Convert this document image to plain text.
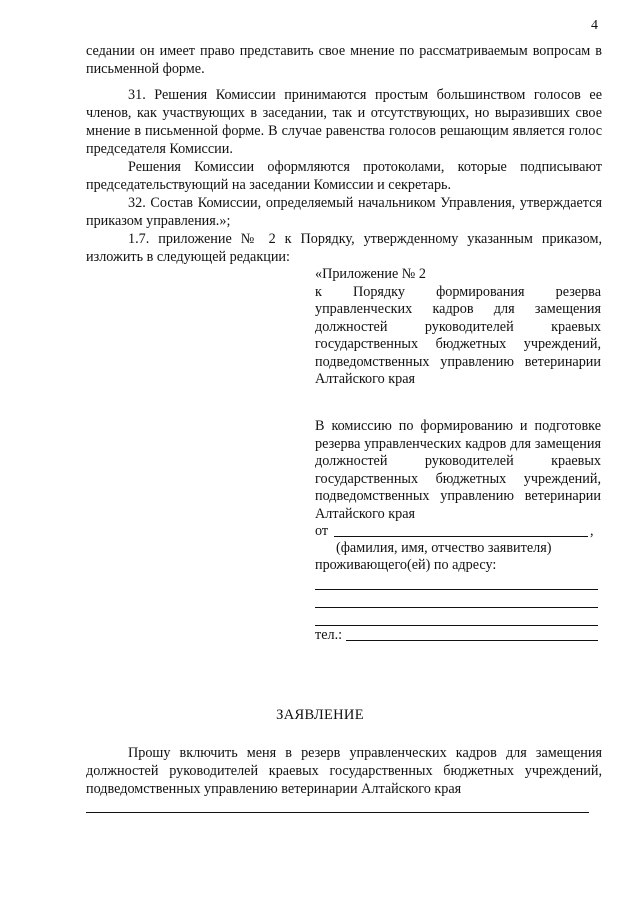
4

седании он имеет право представить свое мнение по рассматриваемым вопросам в письменной форме.

31. Решения Комиссии принимаются простым большинством голосов ее членов, как участвующих в заседании, так и отсутствующих, но выразивших свое мнение в письменной форме. В случае равенства голосов решающим является голос председателя Комиссии.

Решения Комиссии оформляются протоколами, которые подписывают председательствующий на заседании Комиссии и секретарь.

32. Состав Комиссии, определяемый начальником Управления, утверждается приказом управления.»;

1.7. приложение № 2 к Порядку, утвержденному указанным приказом, изложить в следующей редакции:

«Приложение № 2
к Порядку формирования резерва управленческих кадров для замещения должностей руководителей краевых государственных бюджетных учреждений, подведомственных управлению ветеринарии Алтайского края
В комиссию по формированию и подготовке резерва управленческих кадров для замещения должностей руководителей краевых государственных бюджетных учреждений, подведомственных управлению ветеринарии Алтайского края
от	,
(фамилия, имя, отчество заявителя)
проживающего(ей) по адресу:
тел.:
ЗАЯВЛЕНИЕ

Прошу включить меня в резерв управленческих кадров для замещения должностей руководителей краевых государственных бюджетных учреждений, подведомственных управлению ветеринарии Алтайского края
